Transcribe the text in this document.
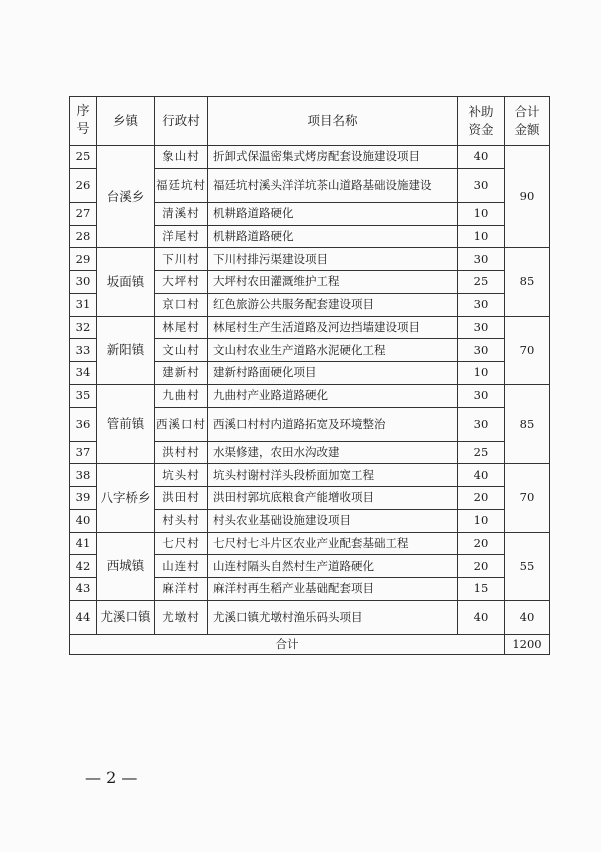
序号	乡镇	行政村	项目名称	补助资金	合计金额
25	台溪乡	象山村	折卸式保温密集式烤房配套设施建设项目	40	90
26		福廷坑村	福廷坑村溪头洋洋坑茶山道路基础设施建设	30	
27		清溪村	机耕路道路硬化	10	
28		洋尾村	机耕路道路硬化	10	
29	坂面镇	下川村	下川村排污渠建设项目	30	85
30		大坪村	大坪村农田灌溉维护工程	25	
31		京口村	红色旅游公共服务配套建设项目	30	
32	新阳镇	林尾村	林尾村生产生活道路及河边挡墙建设项目	30	70
33		文山村	文山村农业生产道路水泥硬化工程	30	
34		建新村	建新村路面硬化项目	10	
35	管前镇	九曲村	九曲村产业路道路硬化	30	85
36		西溪口村	西溪口村村内道路拓宽及环境整治	30	
37		洪村村	水渠修建，农田水沟改建	25	
38	八字桥乡	坑头村	坑头村谢村洋头段桥面加宽工程	40	70
39		洪田村	洪田村郭坑底粮食产能增收项目	20	
40		村头村	村头农业基础设施建设项目	10	
41	西城镇	七尺村	七尺村七斗片区农业产业配套基础工程	20	55
42		山连村	山连村隔头自然村生产道路硬化	20	
43		麻洋村	麻洋村再生稻产业基础配套项目	15	
44	尤溪口镇	尤墩村	尤溪口镇尤墩村渔乐码头项目	40	40
合计					1200
— 2 —
